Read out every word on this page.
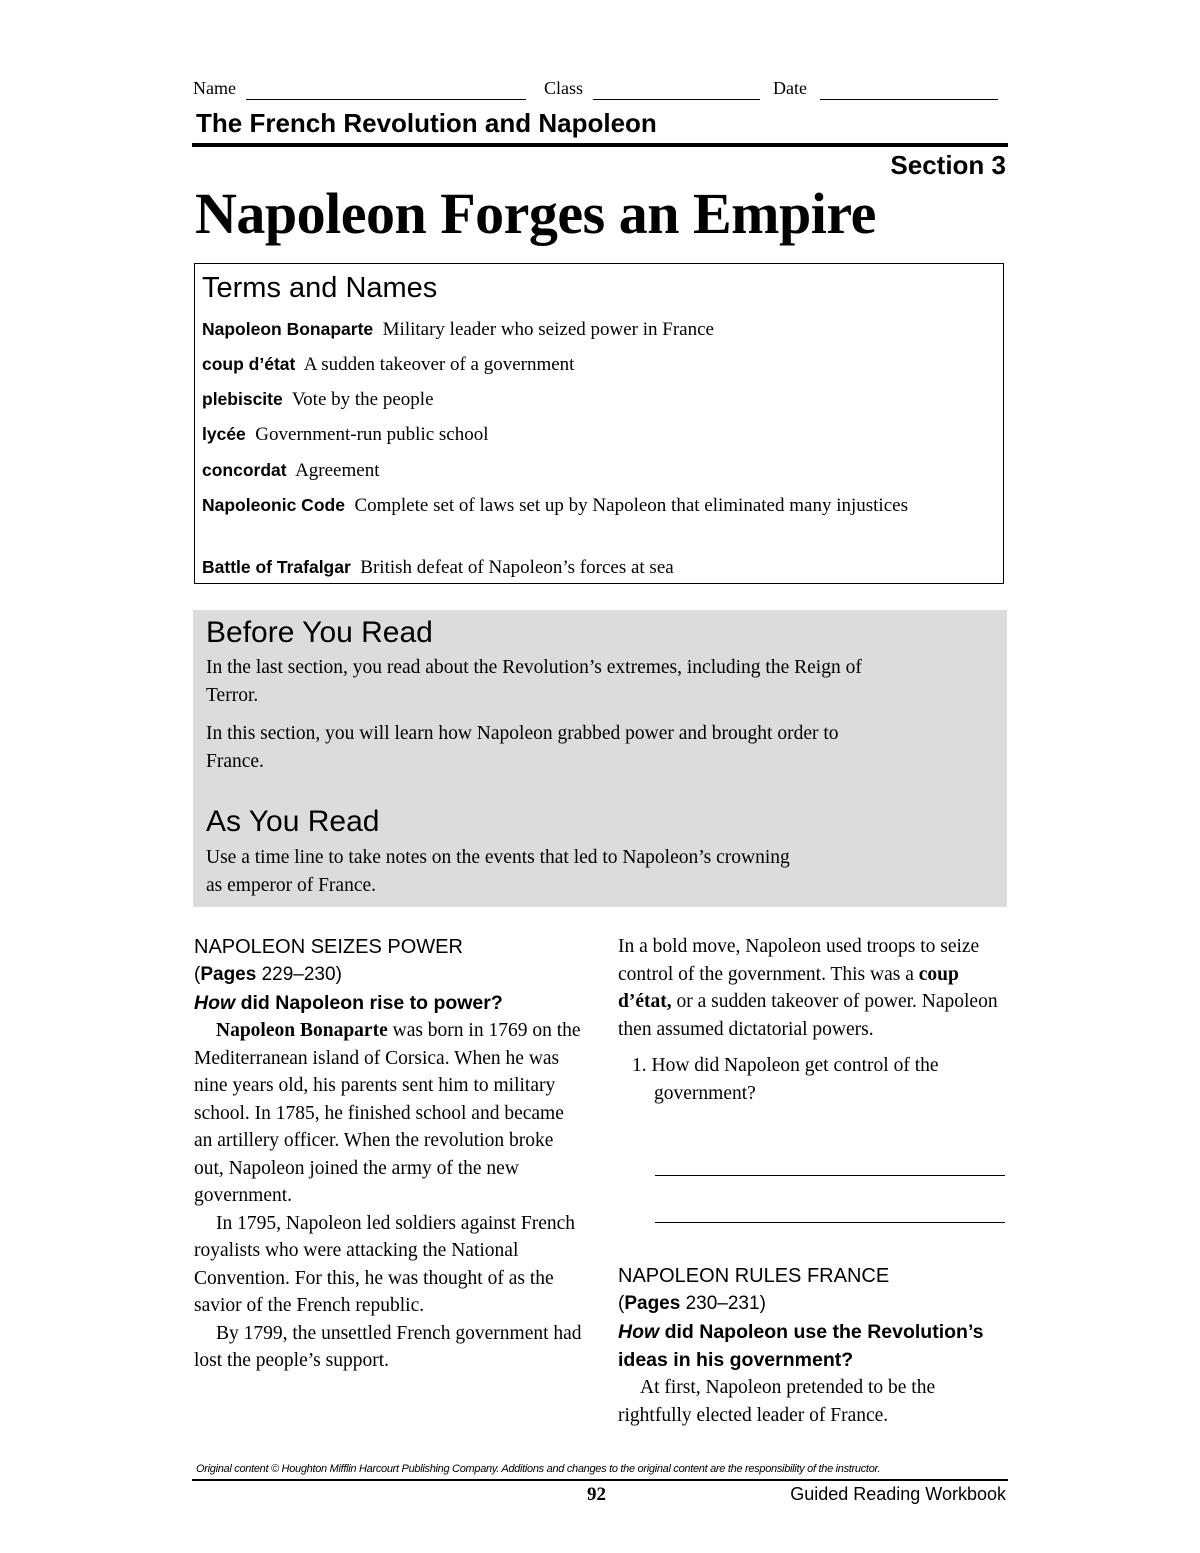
Name	Class	Date
The French Revolution and Napoleon
Section 3
Napoleon Forges an Empire
Terms and Names
Napoleon Bonaparte Military leader who seized power in France
coup d’état A sudden takeover of a government
plebiscite Vote by the people
lycée Government-run public school
concordat Agreement
Napoleonic Code Complete set of laws set up by Napoleon that eliminated many injustices
Battle of Trafalgar British defeat of Napoleon’s forces at sea
Before You Read
In the last section, you read about the Revolution’s extremes, including the Reign of Terror.
In this section, you will learn how Napoleon grabbed power and brought order to France.
As You Read
Use a time line to take notes on the events that led to Napoleon’s crowning as emperor of France.
NAPOLEON SEIZES POWER
(Pages 229–230)
How did Napoleon rise to power?
Napoleon Bonaparte was born in 1769 on the Mediterranean island of Corsica. When he was nine years old, his parents sent him to military school. In 1785, he finished school and became an artillery officer. When the revolution broke out, Napoleon joined the army of the new government.
In 1795, Napoleon led soldiers against French royalists who were attacking the National Convention. For this, he was thought of as the savior of the French republic.
By 1799, the unsettled French government had lost the people’s support.
In a bold move, Napoleon used troops to seize control of the government. This was a coup d’état, or a sudden takeover of power. Napoleon then assumed dictatorial powers.
1. How did Napoleon get control of the government?
NAPOLEON RULES FRANCE
(Pages 230–231)
How did Napoleon use the Revolution’s ideas in his government?
At first, Napoleon pretended to be the rightfully elected leader of France.
Original content © Houghton Mifflin Harcourt Publishing Company. Additions and changes to the original content are the responsibility of the instructor.
92	Guided Reading Workbook
